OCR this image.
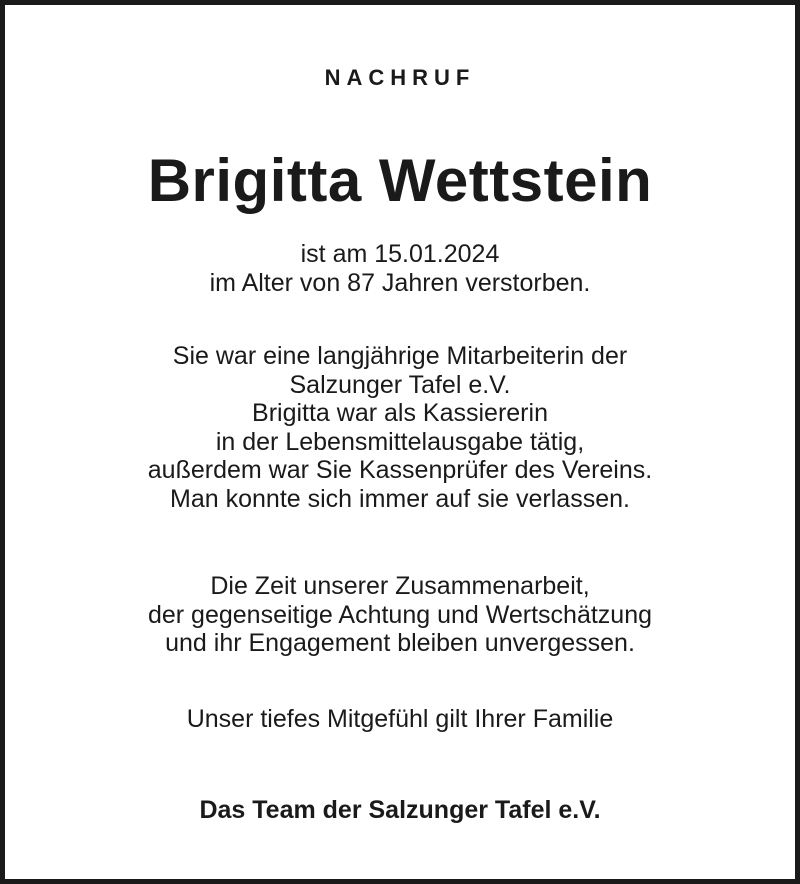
NACHRUF
Brigitta Wettstein
ist am 15.01.2024
im Alter von 87 Jahren verstorben.
Sie war eine langjährige Mitarbeiterin der
Salzunger Tafel e.V.
Brigitta war als Kassiererin
in der Lebensmittelausgabe tätig,
außerdem war Sie Kassenprüfer des Vereins.
Man konnte sich immer auf sie verlassen.
Die Zeit unserer Zusammenarbeit,
der gegenseitige Achtung und Wertschätzung
und ihr Engagement bleiben unvergessen.
Unser tiefes Mitgefühl gilt Ihrer Familie
Das Team der Salzunger Tafel e.V.
